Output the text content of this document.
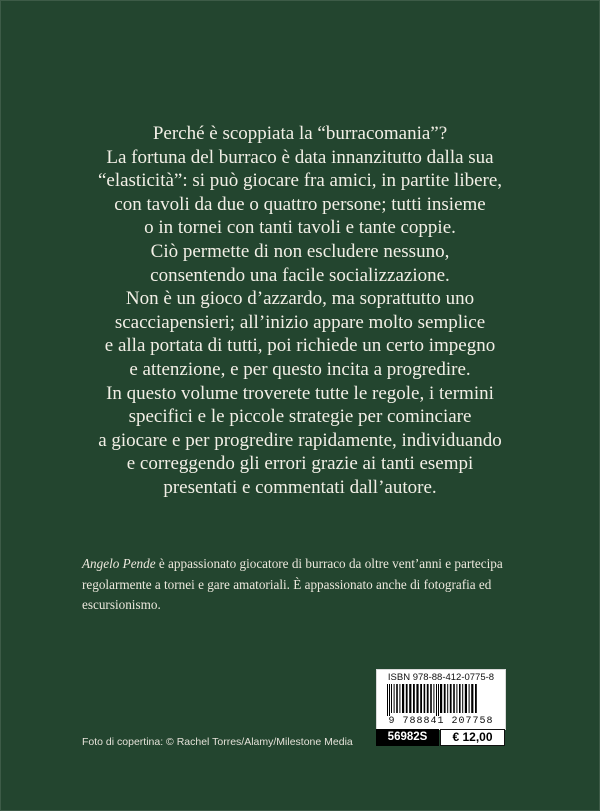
Perché è scoppiata la “burracomania”?
La fortuna del burraco è data innanzitutto dalla sua
“elasticità”: si può giocare fra amici, in partite libere,
con tavoli da due o quattro persone; tutti insieme
o in tornei con tanti tavoli e tante coppie.
Ciò permette di non escludere nessuno,
consentendo una facile socializzazione.
Non è un gioco d’azzardo, ma soprattutto uno
scacciapensieri; all’inizio appare molto semplice
e alla portata di tutti, poi richiede un certo impegno
e attenzione, e per questo incita a progredire.
In questo volume troverete tutte le regole, i termini
specifici e le piccole strategie per cominciare
a giocare e per progredire rapidamente, individuando
e correggendo gli errori grazie ai tanti esempi
presentati e commentati dall’autore.
Angelo Pende è appassionato giocatore di burraco da oltre vent’anni e partecipa
regolarmente a tornei e gare amatoriali. È appassionato anche di fotografia ed
escursionismo.
Foto di copertina: © Rachel Torres/Alamy/Milestone Media
ISBN 978-88-412-0775-8
9 788841 207758
56982S	€ 12,00
